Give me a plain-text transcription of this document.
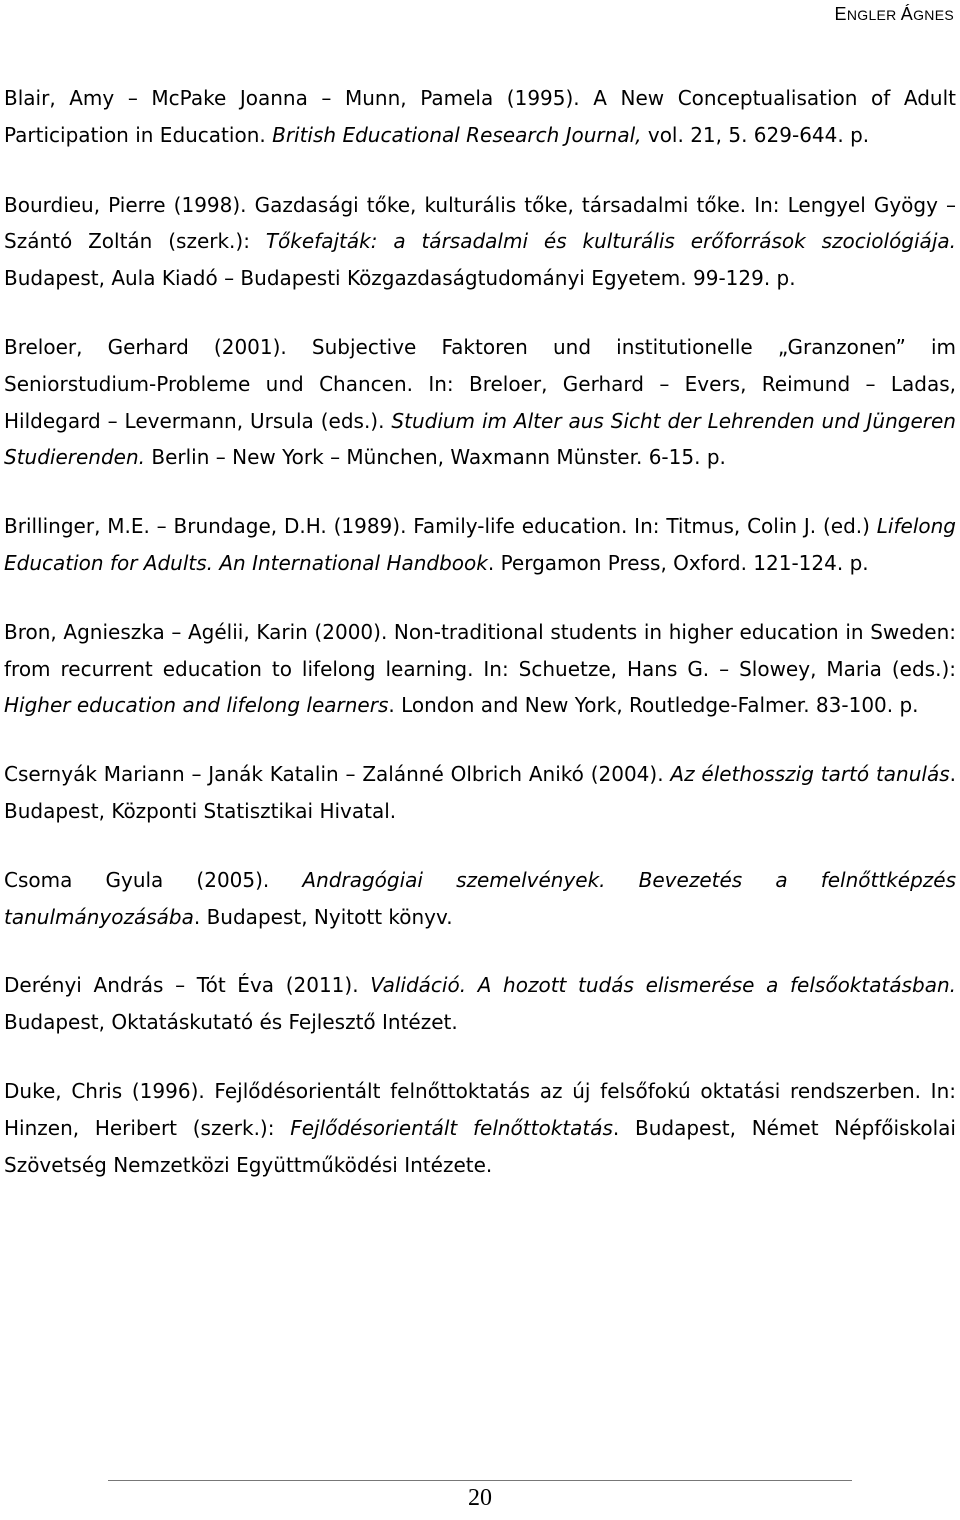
ENGLER ÁGNES

Blair, Amy – McPake Joanna – Munn, Pamela (1995). A New Conceptualisation of Adult Participation in Education. British Educational Research Journal, vol. 21, 5. 629-644. p.

Bourdieu, Pierre (1998). Gazdasági tőke, kulturális tőke, társadalmi tőke. In: Lengyel Gyögy – Szántó Zoltán (szerk.): Tőkefajták: a társadalmi és kulturális erőforrások szociológiája. Budapest, Aula Kiadó – Budapesti Közgazdaságtudományi Egyetem. 99-129. p.

Breloer, Gerhard (2001). Subjective Faktoren und institutionelle „Granzonen” im Seniorstudium-Probleme und Chancen. In: Breloer, Gerhard – Evers, Reimund – Ladas, Hildegard – Levermann, Ursula (eds.). Studium im Alter aus Sicht der Lehrenden und Jüngeren Studierenden. Berlin – New York – München, Waxmann Münster. 6-15. p.

Brillinger, M.E. – Brundage, D.H. (1989). Family-life education. In: Titmus, Colin J. (ed.) Lifelong Education for Adults. An International Handbook. Pergamon Press, Oxford. 121-124. p.

Bron, Agnieszka – Agélii, Karin (2000). Non-traditional students in higher education in Sweden: from recurrent education to lifelong learning. In: Schuetze, Hans G. – Slowey, Maria (eds.): Higher education and lifelong learners. London and New York, Routledge-Falmer. 83-100. p.

Csernyák Mariann – Janák Katalin – Zalánné Olbrich Anikó (2004). Az élethosszig tartó tanulás. Budapest, Központi Statisztikai Hivatal.

Csoma Gyula (2005). Andragógiai szemelvények. Bevezetés a felnőttképzés tanulmányozásába. Budapest, Nyitott könyv.

Derényi András – Tót Éva (2011). Validáció. A hozott tudás elismerése a felsőoktatásban. Budapest, Oktatáskutató és Fejlesztő Intézet.

Duke, Chris (1996). Fejlődésorientált felnőttoktatás az új felsőfokú oktatási rendszerben. In: Hinzen, Heribert (szerk.): Fejlődésorientált felnőttoktatás. Budapest, Német Népfőiskolai Szövetség Nemzetközi Együttműködési Intézete.

20
